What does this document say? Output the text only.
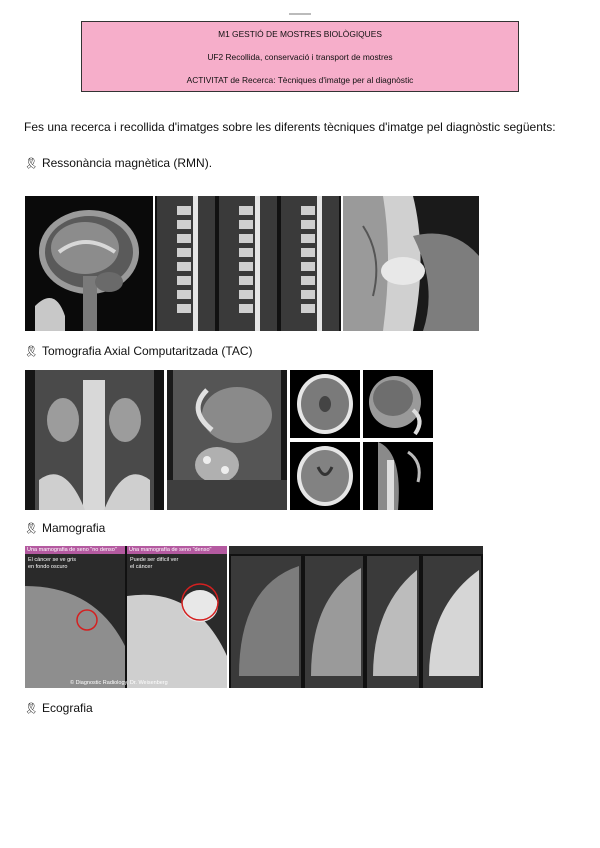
M1 GESTIÓ DE MOSTRES BIOLÒGIQUES
UF2 Recollida, conservació i transport de mostres
ACTIVITAT de Recerca: Tècniques d'imatge per al diagnòstic
Fes una recerca i recollida d'imatges sobre les diferents tècniques d'imatge pel diagnòstic següents:
🎗 Ressonància magnètica (RMN).
🎗 Tomografia Axial Computaritzada (TAC)
🎗 Mamografia
Una mamografia de seno "no denso"	Una mamografía de seno "denso"
El cáncer se ve gris
en fondo oscuro
Puede ser difícil ver
el cáncer
© Diagnostic Radiology, Dr. Weisenberg
🎗 Ecografia
